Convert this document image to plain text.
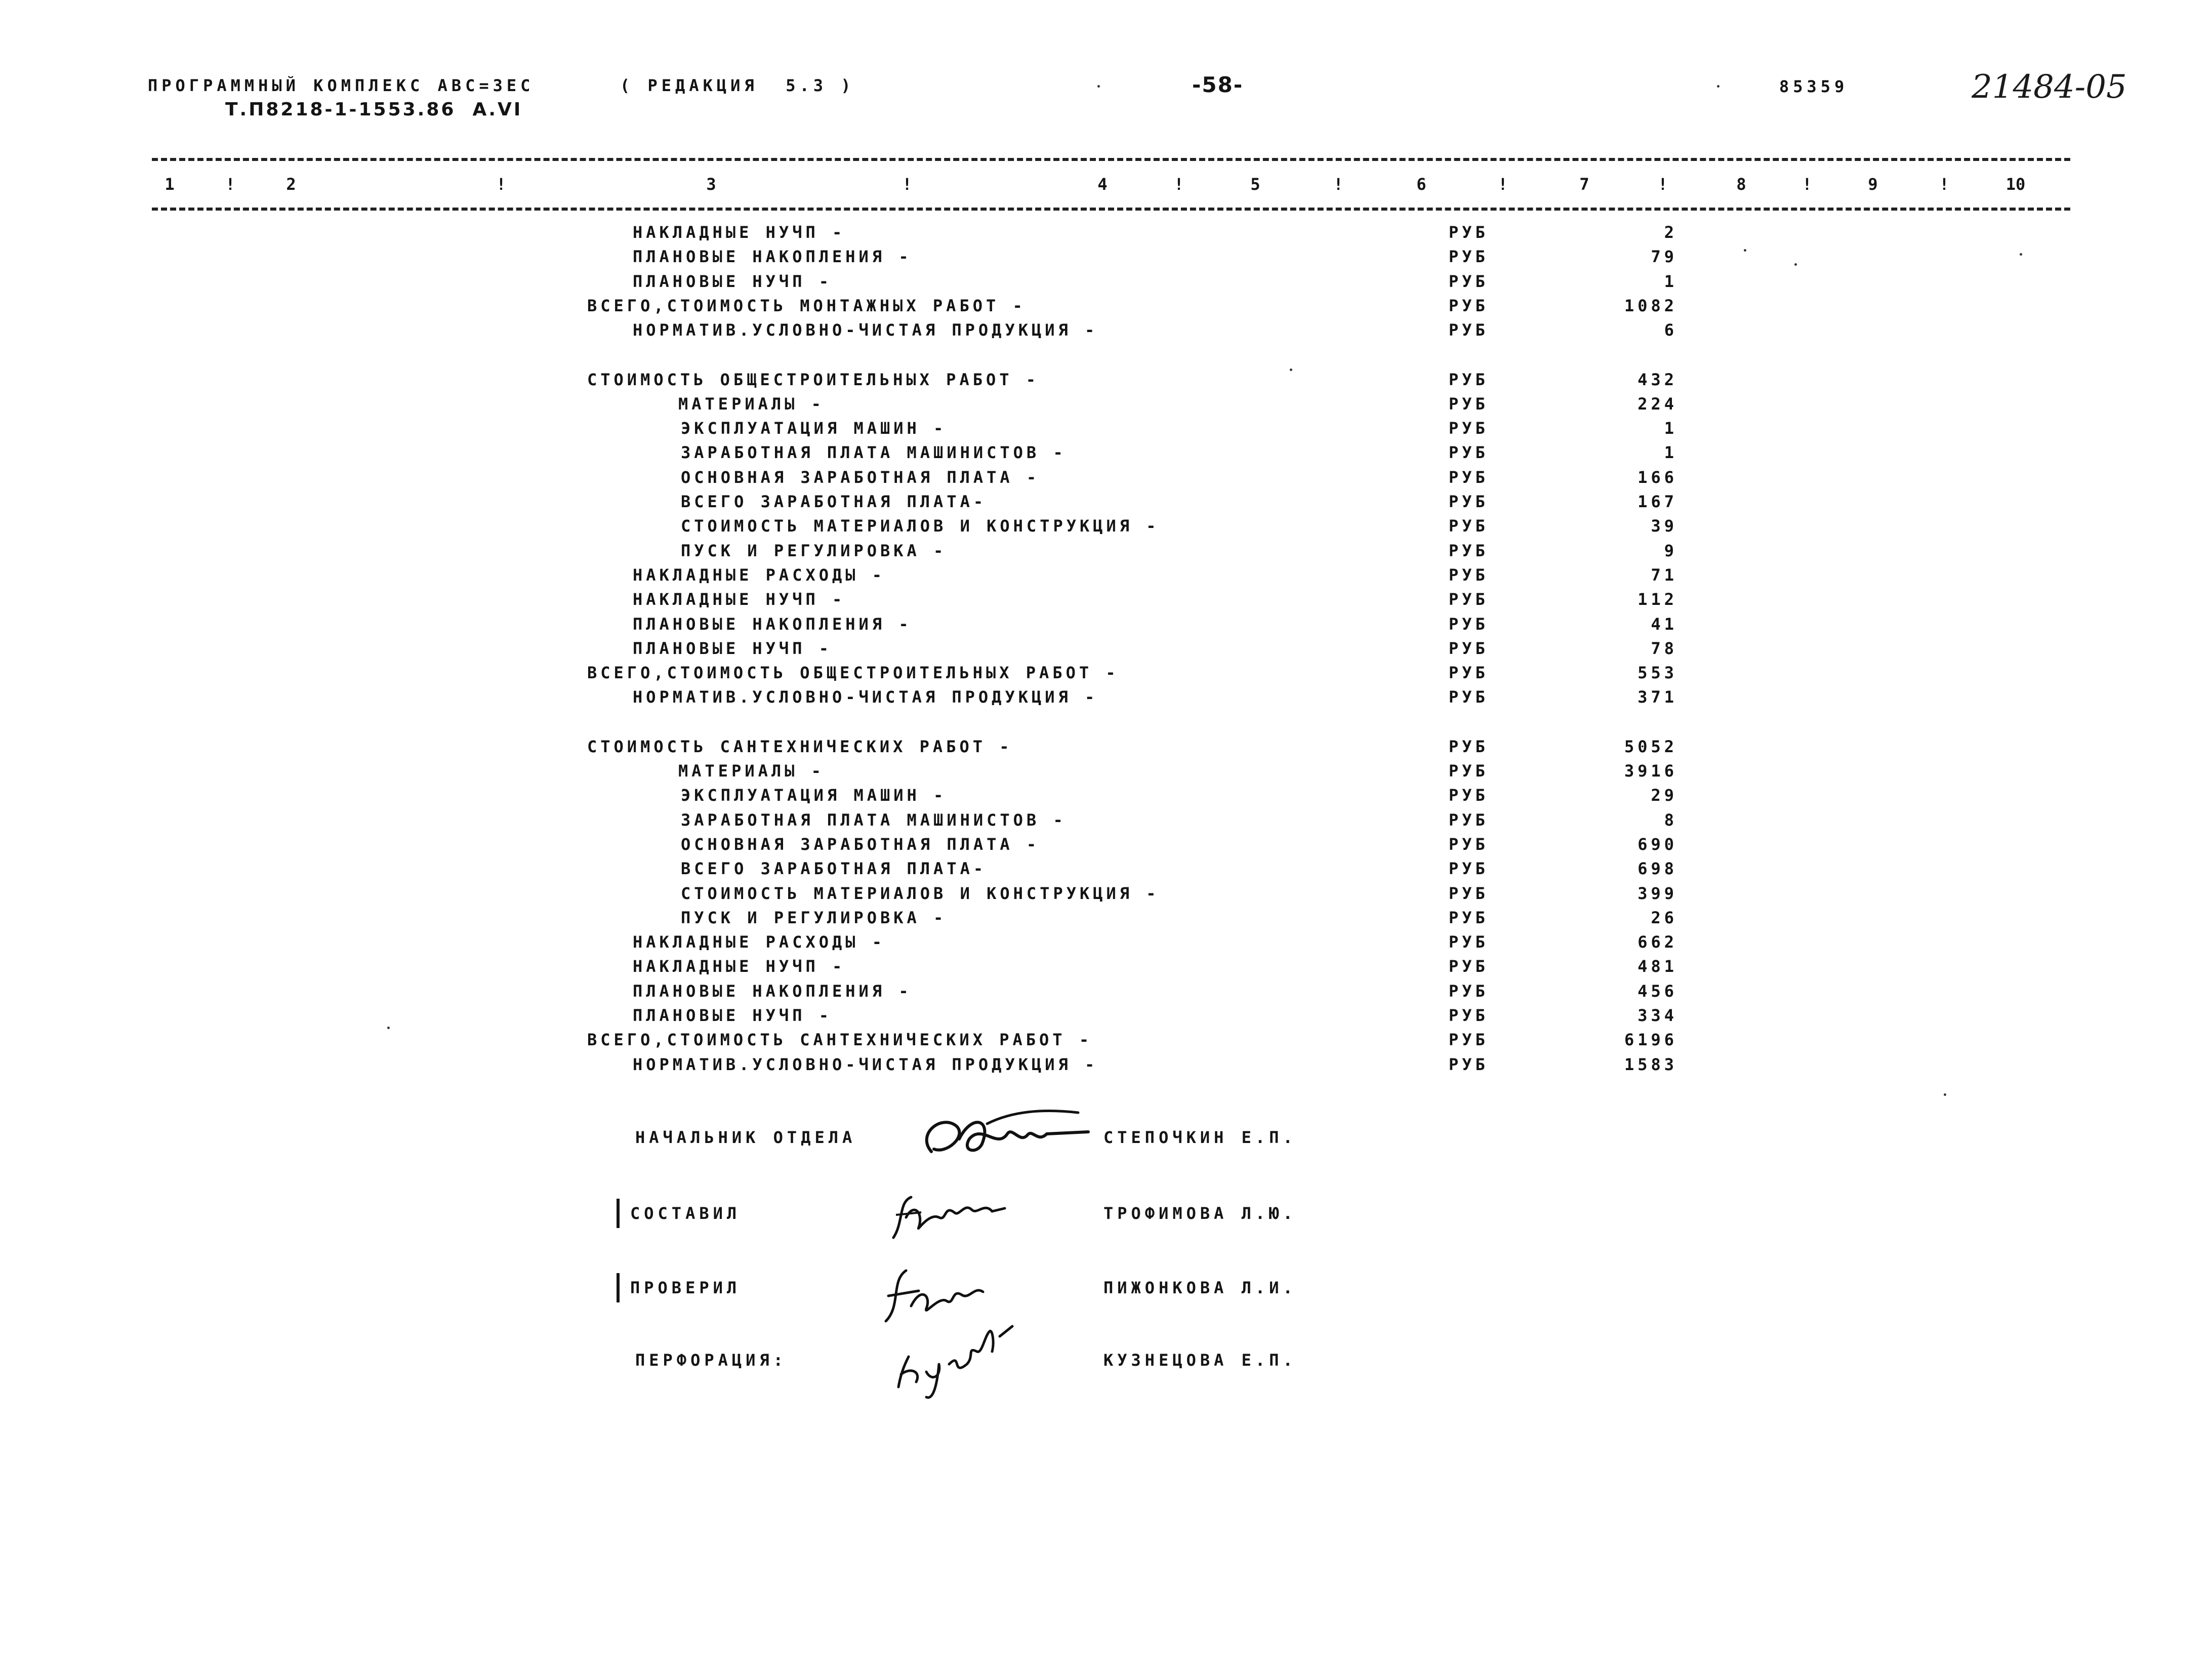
ПРОГРАММНЫЙ КОМПЛЕКС АВС=3ЕС	( РЕДАКЦИЯ  5.3 )	-58-	85359	21484-05
Т.П8218-1-1553.86  А.VI
1	!	2	!	3	!	4	!	5	!	6	!	7	!	8	!	9	!	10
НАКЛАДНЫЕ НУЧП -	РУБ	2
ПЛАНОВЫЕ НАКОПЛЕНИЯ -	РУБ	79
ПЛАНОВЫЕ НУЧП -	РУБ	1
ВСЕГО,СТОИМОСТЬ МОНТАЖНЫХ РАБОТ -	РУБ	1082
НОРМАТИВ.УСЛОВНО-ЧИСТАЯ ПРОДУКЦИЯ -	РУБ	6
СТОИМОСТЬ ОБЩЕСТРОИТЕЛЬНЫХ РАБОТ -	РУБ	432
МАТЕРИАЛЫ -	РУБ	224
ЭКСПЛУАТАЦИЯ МАШИН -	РУБ	1
ЗАРАБОТНАЯ ПЛАТА МАШИНИСТОВ -	РУБ	1
ОСНОВНАЯ ЗАРАБОТНАЯ ПЛАТА -	РУБ	166
ВСЕГО ЗАРАБОТНАЯ ПЛАТА-	РУБ	167
СТОИМОСТЬ МАТЕРИАЛОВ И КОНСТРУКЦИЯ -	РУБ	39
ПУСК И РЕГУЛИРОВКА -	РУБ	9
НАКЛАДНЫЕ РАСХОДЫ -	РУБ	71
НАКЛАДНЫЕ НУЧП -	РУБ	112
ПЛАНОВЫЕ НАКОПЛЕНИЯ -	РУБ	41
ПЛАНОВЫЕ НУЧП -	РУБ	78
ВСЕГО,СТОИМОСТЬ ОБЩЕСТРОИТЕЛЬНЫХ РАБОТ -	РУБ	553
НОРМАТИВ.УСЛОВНО-ЧИСТАЯ ПРОДУКЦИЯ -	РУБ	371
СТОИМОСТЬ САНТЕХНИЧЕСКИХ РАБОТ -	РУБ	5052
МАТЕРИАЛЫ -	РУБ	3916
ЭКСПЛУАТАЦИЯ МАШИН -	РУБ	29
ЗАРАБОТНАЯ ПЛАТА МАШИНИСТОВ -	РУБ	8
ОСНОВНАЯ ЗАРАБОТНАЯ ПЛАТА -	РУБ	690
ВСЕГО ЗАРАБОТНАЯ ПЛАТА-	РУБ	698
СТОИМОСТЬ МАТЕРИАЛОВ И КОНСТРУКЦИЯ -	РУБ	399
ПУСК И РЕГУЛИРОВКА -	РУБ	26
НАКЛАДНЫЕ РАСХОДЫ -	РУБ	662
НАКЛАДНЫЕ НУЧП -	РУБ	481
ПЛАНОВЫЕ НАКОПЛЕНИЯ -	РУБ	456
ПЛАНОВЫЕ НУЧП -	РУБ	334
ВСЕГО,СТОИМОСТЬ САНТЕХНИЧЕСКИХ РАБОТ -	РУБ	6196
НОРМАТИВ.УСЛОВНО-ЧИСТАЯ ПРОДУКЦИЯ -	РУБ	1583
НАЧАЛЬНИК ОТДЕЛА	СТЕПОЧКИН Е.П.
СОСТАВИЛ	ТРОФИМОВА Л.Ю.
ПРОВЕРИЛ	ПИЖОНКОВА Л.И.
ПЕРФОРАЦИЯ:	КУЗНЕЦОВА Е.П.
